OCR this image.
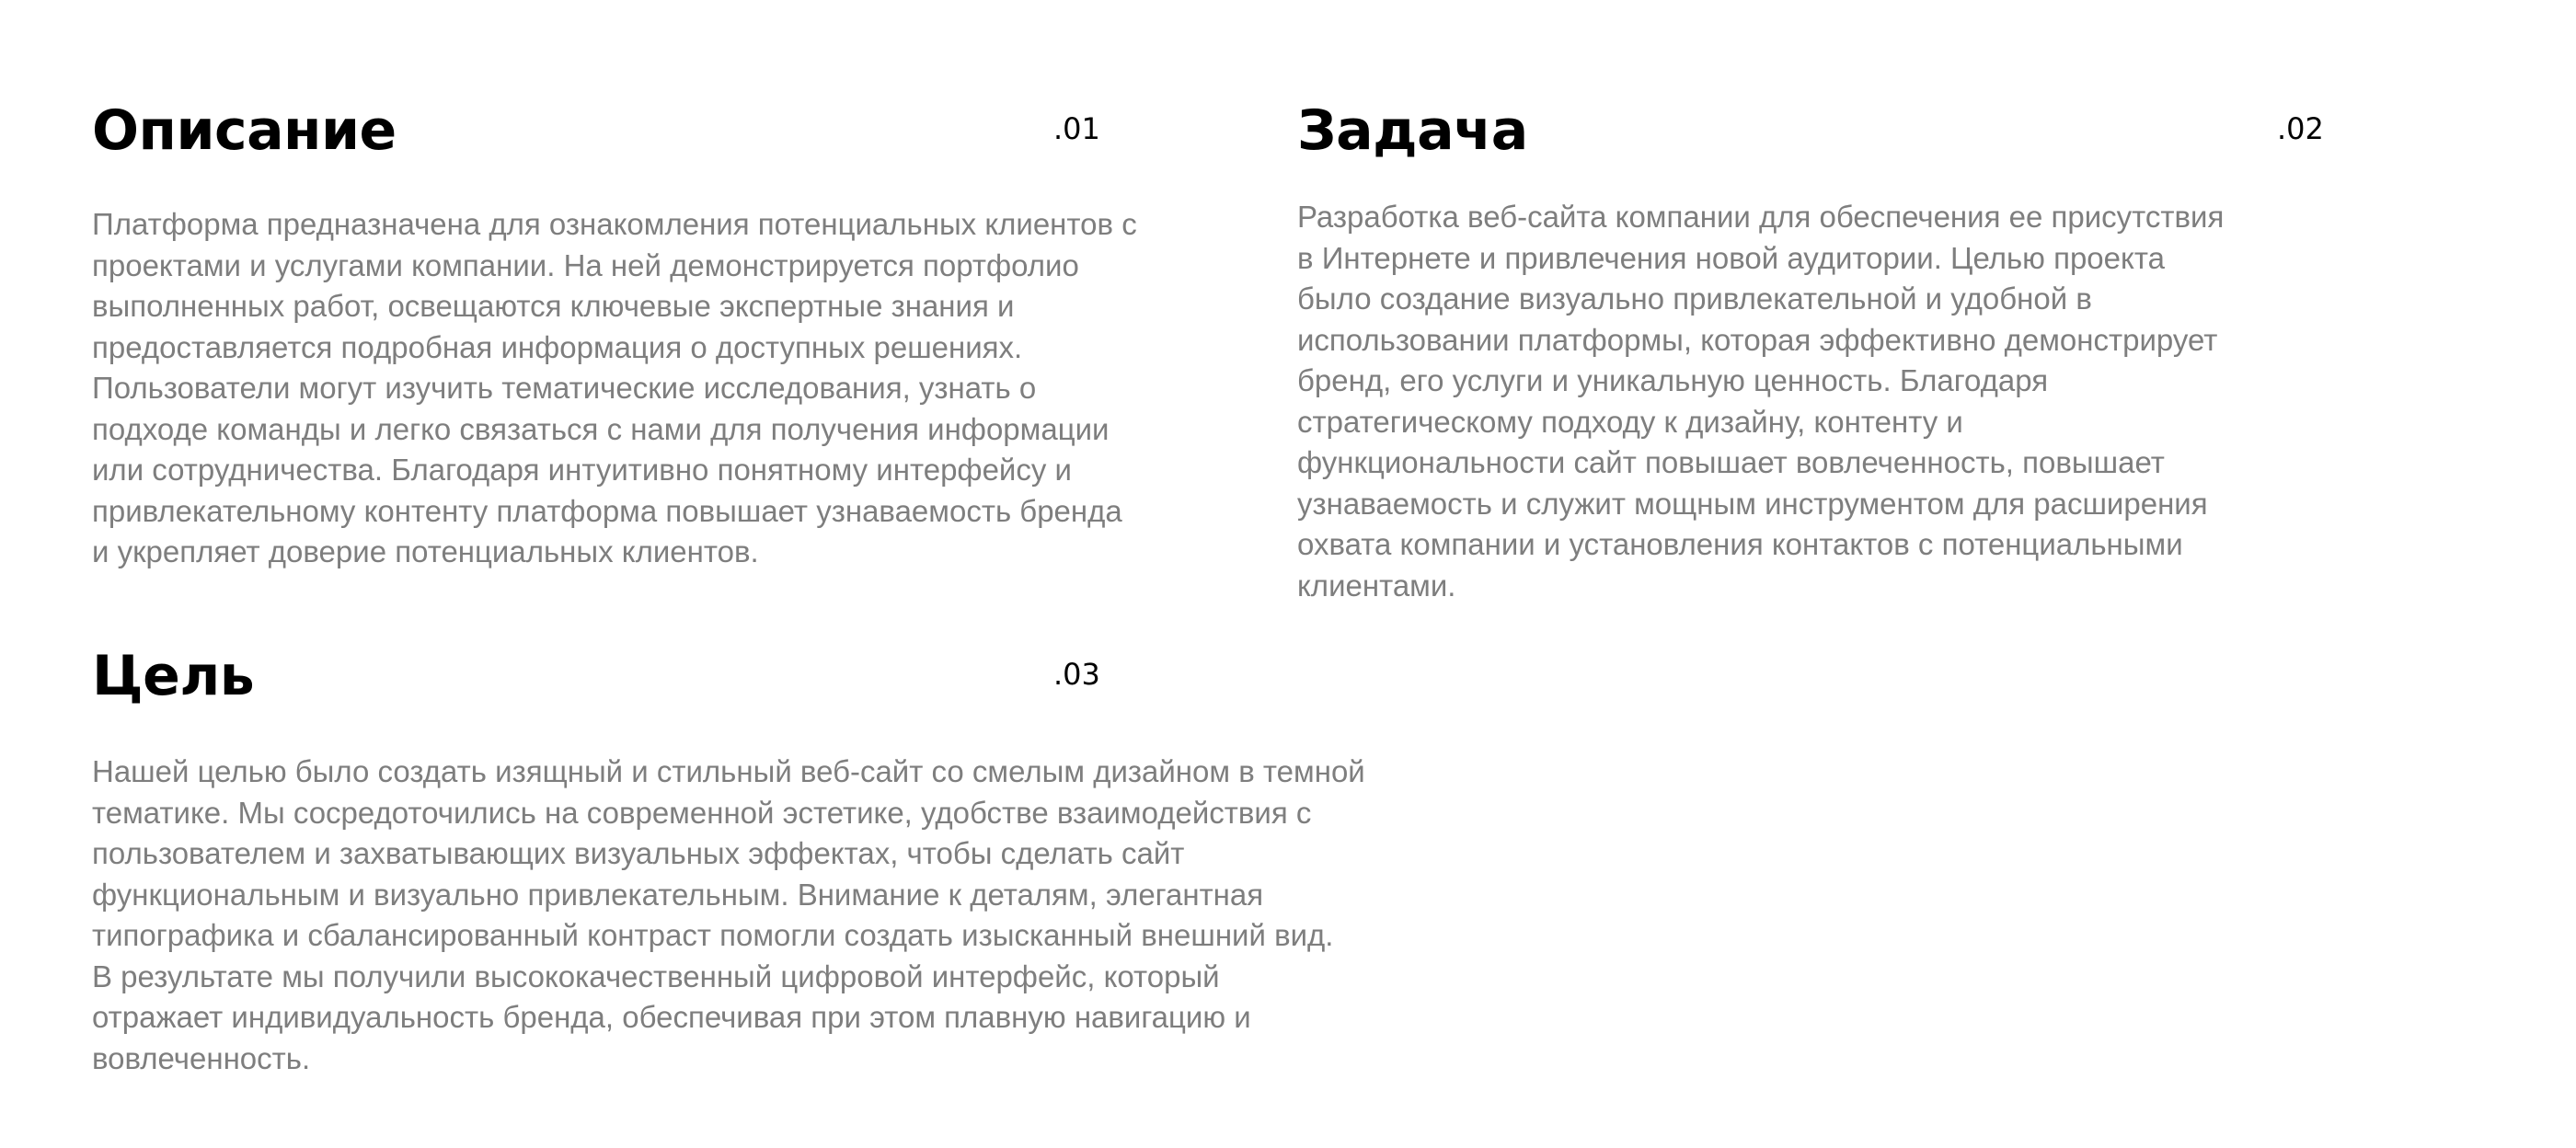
Описание	.01

Платформа предназначена для ознакомления потенциальных клиентов с
проектами и услугами компании. На ней демонстрируется портфолио
выполненных работ, освещаются ключевые экспертные знания и
предоставляется подробная информация о доступных решениях.
Пользователи могут изучить тематические исследования, узнать о
подходе команды и легко связаться с нами для получения информации
или сотрудничества. Благодаря интуитивно понятному интерфейсу и
привлекательному контенту платформа повышает узнаваемость бренда
и укрепляет доверие потенциальных клиентов.

Задача	.02

Разработка веб-сайта компании для обеспечения ее присутствия
в Интернете и привлечения новой аудитории. Целью проекта
было создание визуально привлекательной и удобной в
использовании платформы, которая эффективно демонстрирует
бренд, его услуги и уникальную ценность. Благодаря
стратегическому подходу к дизайну, контенту и
функциональности сайт повышает вовлеченность, повышает
узнаваемость и служит мощным инструментом для расширения
охвата компании и установления контактов с потенциальными
клиентами.

Цель	.03

Нашей целью было создать изящный и стильный веб-сайт со смелым дизайном в темной
тематике. Мы сосредоточились на современной эстетике, удобстве взаимодействия с
пользователем и захватывающих визуальных эффектах, чтобы сделать сайт
функциональным и визуально привлекательным. Внимание к деталям, элегантная
типографика и сбалансированный контраст помогли создать изысканный внешний вид.
В результате мы получили высококачественный цифровой интерфейс, который
отражает индивидуальность бренда, обеспечивая при этом плавную навигацию и
вовлеченность.
